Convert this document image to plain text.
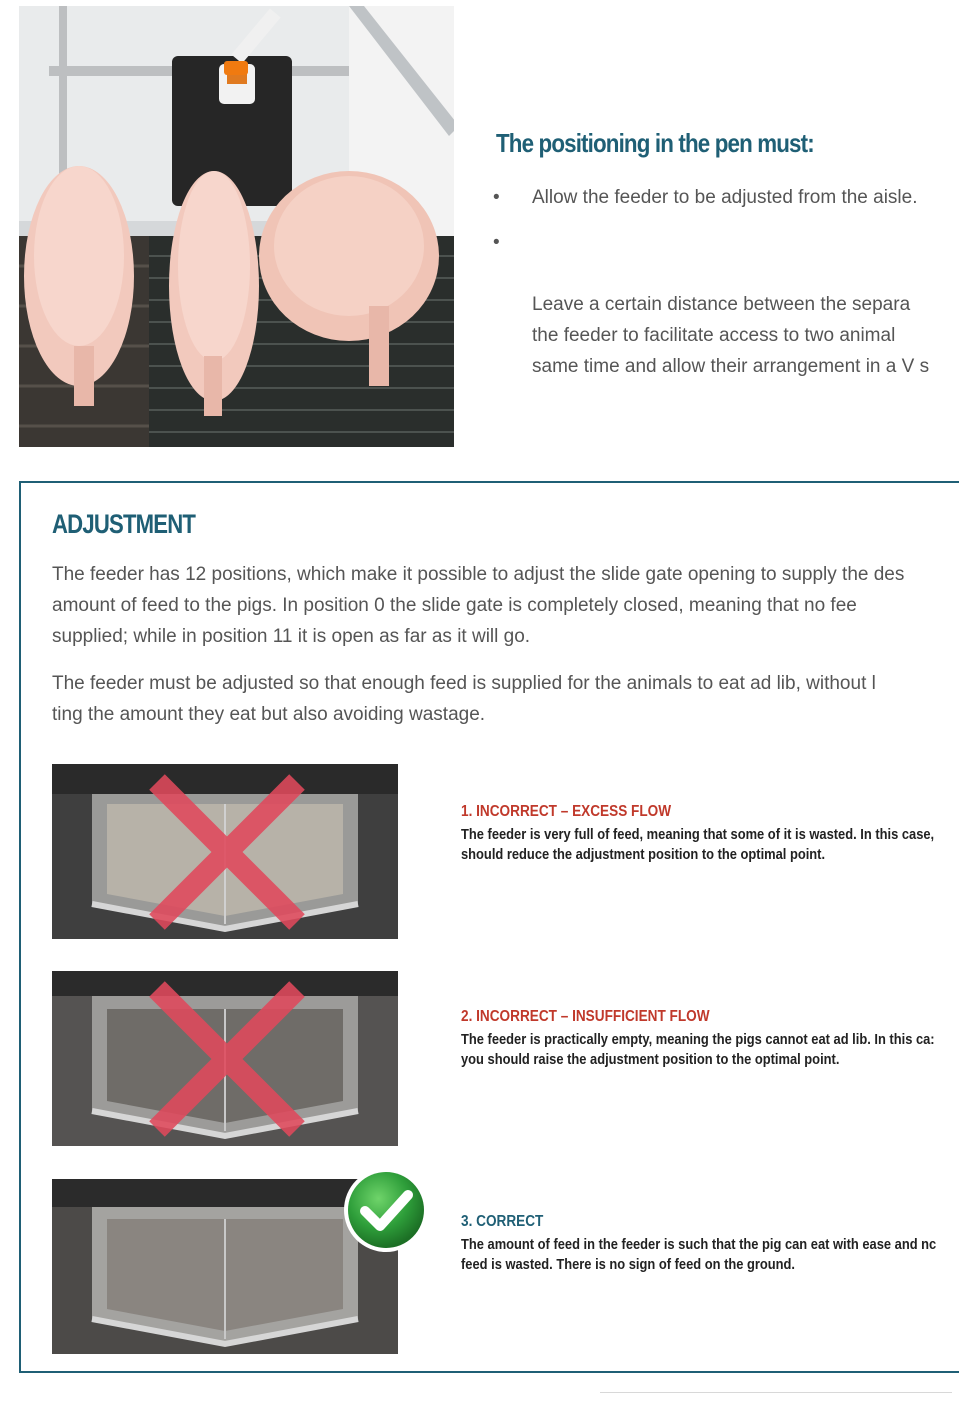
The positioning in the pen must:
• Allow the feeder to be adjusted from the aisle.

•

Leave a certain distance between the separa
the feeder to facilitate access to two animal
same time and allow their arrangement in a V s

ADJUSTMENT

The feeder has 12 positions, which make it possible to adjust the slide gate opening to supply the des
amount of feed to the pigs. In position 0 the slide gate is completely closed, meaning that no fee
supplied; while in position 11 it is open as far as it will go.

The feeder must be adjusted so that enough feed is supplied for the animals to eat ad lib, without l
ting the amount they eat but also avoiding wastage.

1. INCORRECT – EXCESS FLOW

The feeder is very full of feed, meaning that some of it is wasted. In this case,
should reduce the adjustment position to the optimal point.

2. INCORRECT – INSUFFICIENT FLOW

The feeder is practically empty, meaning the pigs cannot eat ad lib. In this ca:
you should raise the adjustment position to the optimal point.

3. CORRECT

The amount of feed in the feeder is such that the pig can eat with ease and nc
feed is wasted. There is no sign of feed on the ground.
